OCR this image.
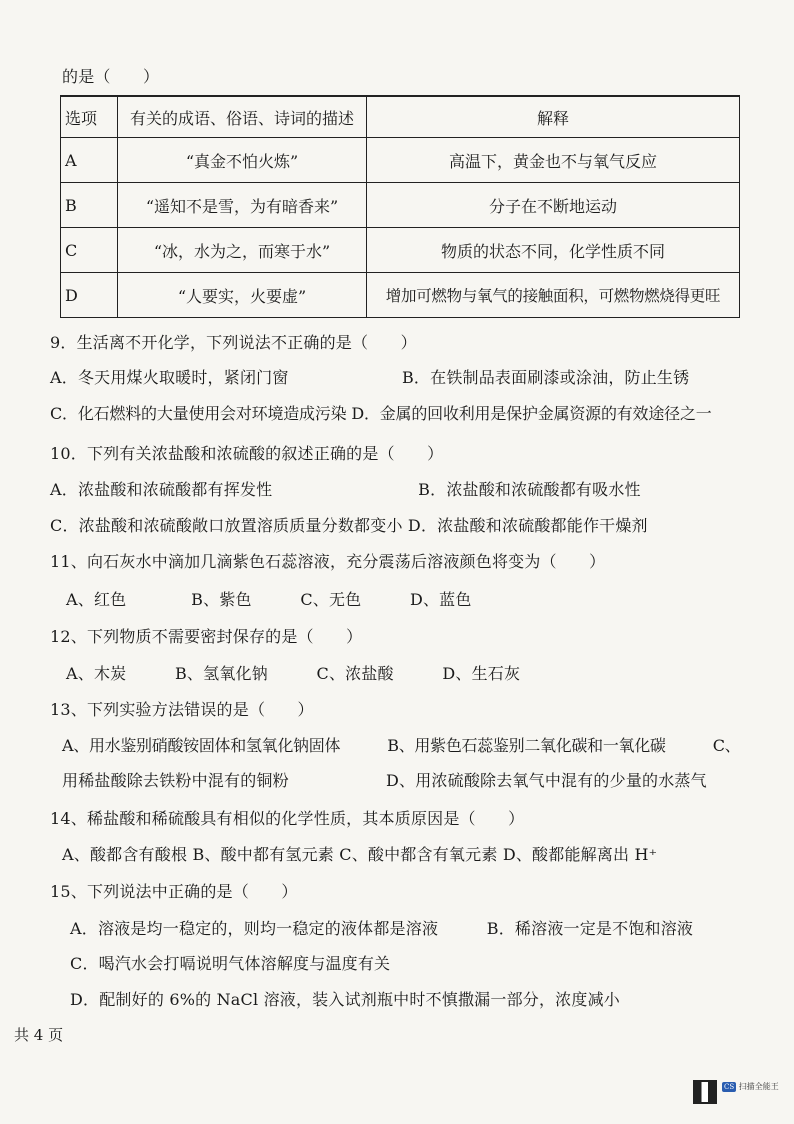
的是（　　）
选项	有关的成语、俗语、诗词的描述	解释
A	“真金不怕火炼”	高温下，黄金也不与氧气反应
B	“遥知不是雪，为有暗香来”	分子在不断地运动
C	“冰，水为之，而寒于水”	物质的状态不同，化学性质不同
D	“人要实，火要虚”	增加可燃物与氧气的接触面积，可燃物燃烧得更旺
9．生活离不开化学，下列说法不正确的是（　　）
A．冬天用煤火取暖时，紧闭门窗　　　　　　　B．在铁制品表面刷漆或涂油，防止生锈
C．化石燃料的大量使用会对环境造成污染 D．金属的回收利用是保护金属资源的有效途径之一
10．下列有关浓盐酸和浓硫酸的叙述正确的是（　　）
A．浓盐酸和浓硫酸都有挥发性　　　　　　　　　B．浓盐酸和浓硫酸都有吸水性
C．浓盐酸和浓硫酸敞口放置溶质质量分数都变小 D．浓盐酸和浓硫酸都能作干燥剂
11、向石灰水中滴加几滴紫色石蕊溶液，充分震荡后溶液颜色将变为（　　）
A、红色　　　　B、紫色　　　C、无色　　　D、蓝色
12、下列物质不需要密封保存的是（　　）
A、木炭　　　B、氢氧化钠　　　C、浓盐酸　　　D、生石灰
13、下列实验方法错误的是（　　）
A、用水鉴别硝酸铵固体和氢氧化钠固体　　　B、用紫色石蕊鉴别二氧化碳和一氧化碳　　　C、
用稀盐酸除去铁粉中混有的铜粉　　　　　　D、用浓硫酸除去氧气中混有的少量的水蒸气
14、稀盐酸和稀硫酸具有相似的化学性质，其本质原因是（　　）
A、酸都含有酸根 B、酸中都有氢元素 C、酸中都含有氧元素 D、酸都能解离出 H⁺
15、下列说法中正确的是（　　）
A．溶液是均一稳定的，则均一稳定的液体都是溶液　　　B．稀溶液一定是不饱和溶液
C．喝汽水会打嗝说明气体溶解度与温度有关
D．配制好的 6%的 NaCl 溶液，装入试剂瓶中时不慎撒漏一部分，浓度减小
共 4 页
CS 扫描全能王
